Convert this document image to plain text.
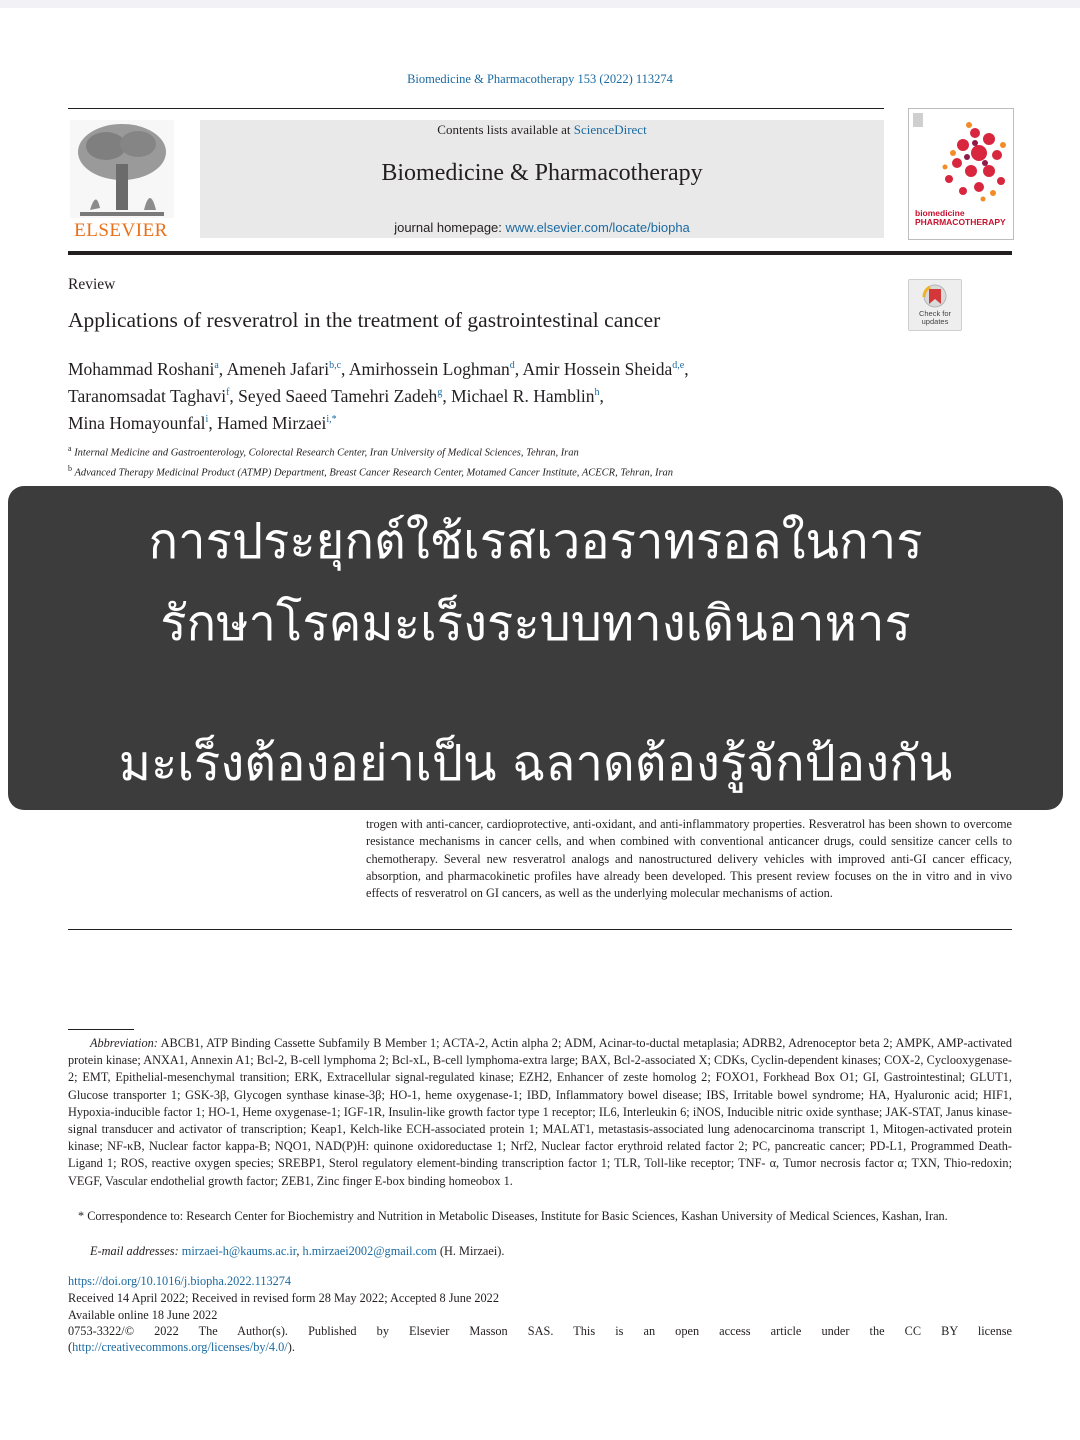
Biomedicine & Pharmacotherapy 153 (2022) 113274
ELSEVIER
Contents lists available at ScienceDirect
Biomedicine & Pharmacotherapy
journal homepage: www.elsevier.com/locate/biopha
biomedicine
PHARMACOTHERAPY
Review
Applications of resveratrol in the treatment of gastrointestinal cancer	Check for
updates
Mohammad Roshani$^a$, Ameneh Jafari$^{b,c}$, Amirhossein Loghman$^d$, Amir Hossein Sheida$^{d,e}$,
Taranomsadat Taghavi$^f$, Seyed Saeed Tamehri Zadeh$^g$, Michael R. Hamblin$^h$,
Mina Homayounfal$^i$, Hamed Mirzaei$^{i,*}$
$^a$ Internal Medicine and Gastroenterology, Colorectal Research Center, Iran University of Medical Sciences, Tehran, Iran
$^b$ Advanced Therapy Medicinal Product (ATMP) Department, Breast Cancer Research Center, Motamed Cancer Institute, ACECR, Tehran, Iran
trogen with anti-cancer, cardioprotective, anti-oxidant, and anti-inflammatory properties. Resveratrol has been shown to overcome resistance mechanisms in cancer cells, and when combined with conventional anticancer drugs, could sensitize cancer cells to chemotherapy. Several new resveratrol analogs and nanostructured delivery vehicles with improved anti-GI cancer efficacy, absorption, and pharmacokinetic profiles have already been developed. This present review focuses on the in vitro and in vivo effects of resveratrol on GI cancers, as well as the underlying molecular mechanisms of action.
การประยุกต์ใช้เรสเวอราทรอลในการ
รักษาโรคมะเร็งระบบทางเดินอาหาร
มะเร็งต้องอย่าเป็น ฉลาดต้องรู้จักป้องกัน
Abbreviation: ABCB1, ATP Binding Cassette Subfamily B Member 1; ACTA-2, Actin alpha 2; ADM, Acinar-to-ductal metaplasia; ADRB2, Adrenoceptor beta 2; AMPK, AMP-activated protein kinase; ANXA1, Annexin A1; Bcl-2, B-cell lymphoma 2; Bcl-xL, B-cell lymphoma-extra large; BAX, Bcl-2-associated X; CDKs, Cyclin-dependent kinases; COX-2, Cyclooxygenase-2; EMT, Epithelial-mesenchymal transition; ERK, Extracellular signal-regulated kinase; EZH2, Enhancer of zeste homolog 2; FOXO1, Forkhead Box O1; GI, Gastrointestinal; GLUT1, Glucose transporter 1; GSK-3β, Glycogen synthase kinase-3β; HO-1, heme oxygenase-1; IBD, Inflammatory bowel disease; IBS, Irritable bowel syndrome; HA, Hyaluronic acid; HIF1, Hypoxia-inducible factor 1; HO-1, Heme oxygenase-1; IGF-1R, Insulin-like growth factor type 1 receptor; IL6, Interleukin 6; iNOS, Inducible nitric oxide synthase; JAK-STAT, Janus kinase-signal transducer and activator of transcription; Keap1, Kelch-like ECH-associated protein 1; MALAT1, metastasis-associated lung adenocarcinoma transcript 1, Mitogen-activated protein kinase; NF-κB, Nuclear factor kappa-B; NQO1, NAD(P)H: quinone oxidoreductase 1; Nrf2, Nuclear factor erythroid related factor 2; PC, pancreatic cancer; PD-L1, Programmed Death-Ligand 1; ROS, reactive oxygen species; SREBP1, Sterol regulatory element-binding transcription factor 1; TLR, Toll-like receptor; TNF- α, Tumor necrosis factor α; TXN, Thio-redoxin; VEGF, Vascular endothelial growth factor; ZEB1, Zinc finger E-box binding homeobox 1.
* Correspondence to: Research Center for Biochemistry and Nutrition in Metabolic Diseases, Institute for Basic Sciences, Kashan University of Medical Sciences, Kashan, Iran.
E-mail addresses: mirzaei-h@kaums.ac.ir, h.mirzaei2002@gmail.com (H. Mirzaei).
https://doi.org/10.1016/j.biopha.2022.113274
Received 14 April 2022; Received in revised form 28 May 2022; Accepted 8 June 2022
Available online 18 June 2022
0753-3322/© 2022 The Author(s). Published by Elsevier Masson SAS. This is an open access article under the CC BY license
(http://creativecommons.org/licenses/by/4.0/).
